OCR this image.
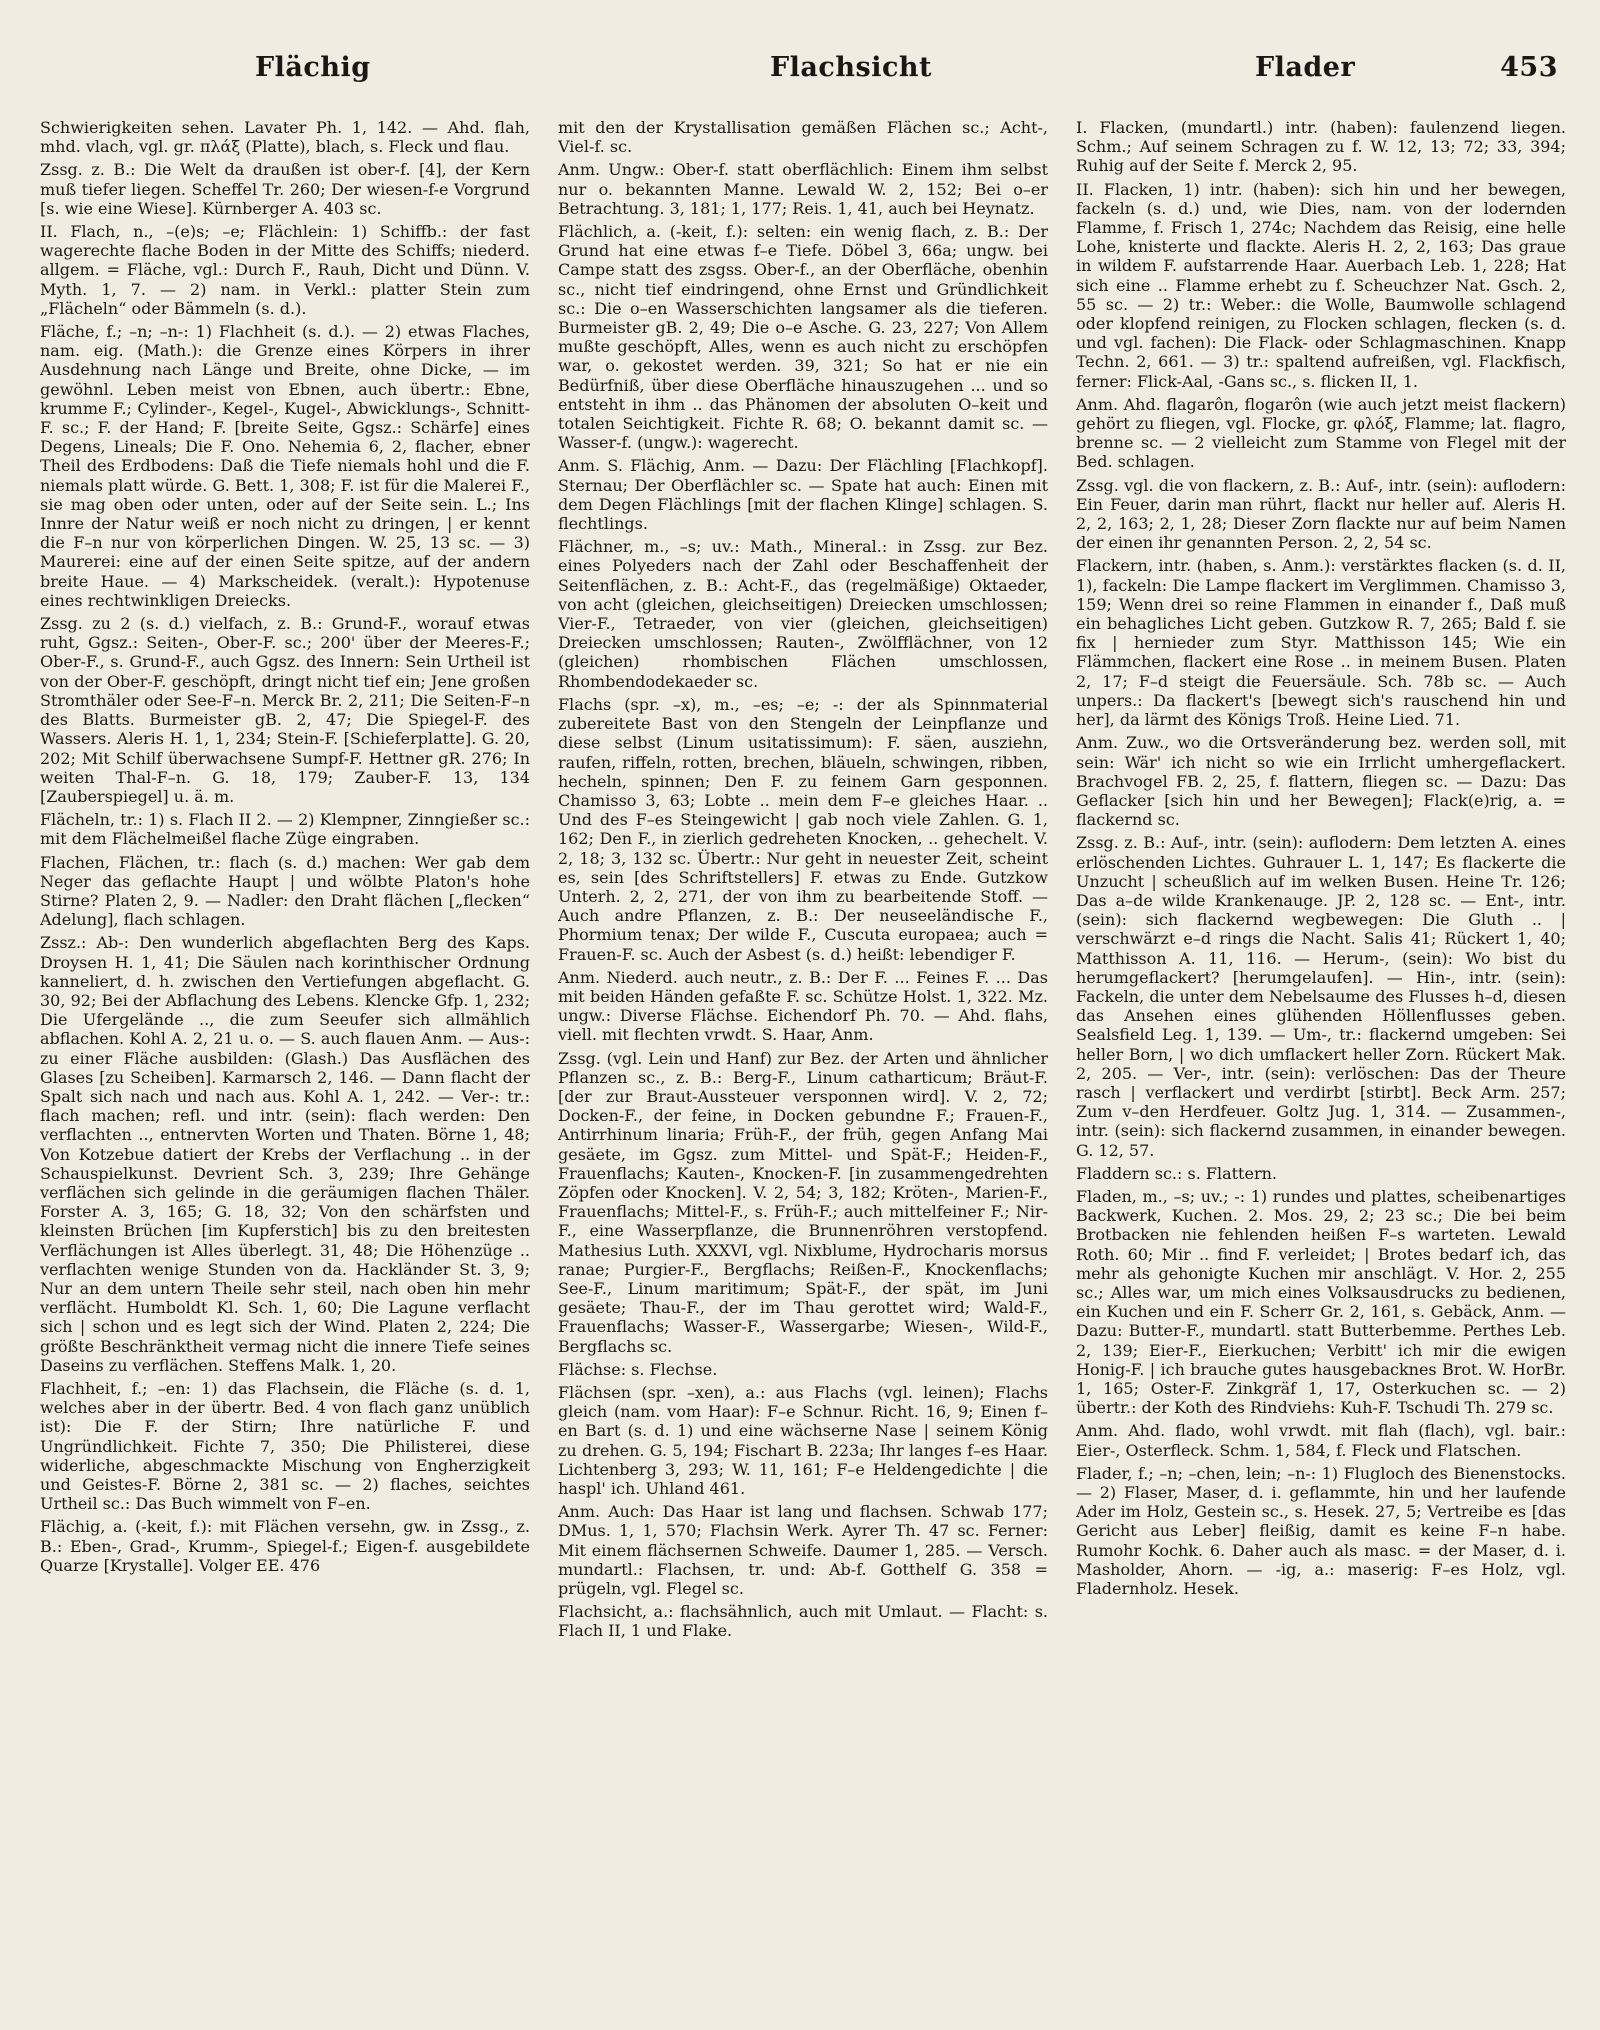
Flächig	Flachsicht	Flader	453

Schwierigkeiten sehen. Lavater Ph. 1, 142. — Ahd. flah, mhd. vlach, vgl. gr. πλάξ (Platte), blach, s. Fleck und flau.

Zssg. z. B.: Die Welt da draußen ist ober-f. [4], der Kern muß tiefer liegen. Scheffel Tr. 260; Der wiesen-f-e Vorgrund [s. wie eine Wiese]. Kürnberger A. 403 sc.

II. Flach, n., –(e)s; –e; Flächlein: 1) Schiffb.: der fast wagerechte flache Boden in der Mitte des Schiffs; niederd. allgem. = Fläche, vgl.: Durch F., Rauh, Dicht und Dünn. V. Myth. 1, 7. — 2) nam. in Verkl.: platter Stein zum „Flächeln“ oder Bämmeln (s. d.).

Fläche, f.; –n; –n-: 1) Flachheit (s. d.). — 2) etwas Flaches, nam. eig. (Math.): die Grenze eines Körpers in ihrer Ausdehnung nach Länge und Breite, ohne Dicke, — im gewöhnl. Leben meist von Ebnen, auch übertr.: Ebne, krumme F.; Cylinder-, Kegel-, Kugel-, Abwicklungs-, Schnitt-F. sc.; F. der Hand; F. [breite Seite, Ggsz.: Schärfe] eines Degens, Lineals; Die F. Ono. Nehemia 6, 2, flacher, ebner Theil des Erdbodens: Daß die Tiefe niemals hohl und die F. niemals platt würde. G. Bett. 1, 308; F. ist für die Malerei F., sie mag oben oder unten, oder auf der Seite sein. L.; Ins Innre der Natur weiß er noch nicht zu dringen, | er kennt die F–n nur von körperlichen Dingen. W. 25, 13 sc. — 3) Maurerei: eine auf der einen Seite spitze, auf der andern breite Haue. — 4) Markscheidek. (veralt.): Hypotenuse eines rechtwinkligen Dreiecks.

Zssg. zu 2 (s. d.) vielfach, z. B.: Grund-F., worauf etwas ruht, Ggsz.: Seiten-, Ober-F. sc.; 200' über der Meeres-F.; Ober-F., s. Grund-F., auch Ggsz. des Innern: Sein Urtheil ist von der Ober-F. geschöpft, dringt nicht tief ein; Jene großen Stromthäler oder See-F–n. Merck Br. 2, 211; Die Seiten-F–n des Blatts. Burmeister gB. 2, 47; Die Spiegel-F. des Wassers. Aleris H. 1, 1, 234; Stein-F. [Schieferplatte]. G. 20, 202; Mit Schilf überwachsene Sumpf-F. Hettner gR. 276; In weiten Thal-F–n. G. 18, 179; Zauber-F. 13, 134 [Zauberspiegel] u. ä. m.

Flächeln, tr.: 1) s. Flach II 2. — 2) Klempner, Zinngießer sc.: mit dem Flächelmeißel flache Züge eingraben.

Flachen, Flächen, tr.: flach (s. d.) machen: Wer gab dem Neger das geflachte Haupt | und wölbte Platon's hohe Stirne? Platen 2, 9. — Nadler: den Draht flächen [„flecken“ Adelung], flach schlagen.

Zssz.: Ab-: Den wunderlich abgeflachten Berg des Kaps. Droysen H. 1, 41; Die Säulen nach korinthischer Ordnung kanneliert, d. h. zwischen den Vertiefungen abgeflacht. G. 30, 92; Bei der Abflachung des Lebens. Klencke Gfp. 1, 232; Die Ufergelände .., die zum Seeufer sich allmählich abflachen. Kohl A. 2, 21 u. o. — S. auch flauen Anm. — Aus-: zu einer Fläche ausbilden: (Glash.) Das Ausflächen des Glases [zu Scheiben]. Karmarsch 2, 146. — Dann flacht der Spalt sich nach und nach aus. Kohl A. 1, 242. — Ver-: tr.: flach machen; refl. und intr. (sein): flach werden: Den verflachten .., entnervten Worten und Thaten. Börne 1, 48; Von Kotzebue datiert der Krebs der Verflachung .. in der Schauspielkunst. Devrient Sch. 3, 239; Ihre Gehänge verflächen sich gelinde in die geräumigen flachen Thäler. Forster A. 3, 165; G. 18, 32; Von den schärfsten und kleinsten Brüchen [im Kupferstich] bis zu den breitesten Verflächungen ist Alles überlegt. 31, 48; Die Höhenzüge .. verflachten wenige Stunden von da. Hackländer St. 3, 9; Nur an dem untern Theile sehr steil, nach oben hin mehr verflächt. Humboldt Kl. Sch. 1, 60; Die Lagune verflacht sich | schon und es legt sich der Wind. Platen 2, 224; Die größte Beschränktheit vermag nicht die innere Tiefe seines Daseins zu verflächen. Steffens Malk. 1, 20.

Flachheit, f.; –en: 1) das Flachsein, die Fläche (s. d. 1, welches aber in der übertr. Bed. 4 von flach ganz unüblich ist): Die F. der Stirn; Ihre natürliche F. und Ungründlichkeit. Fichte 7, 350; Die Philisterei, diese widerliche, abgeschmackte Mischung von Engherzigkeit und Geistes-F. Börne 2, 381 sc. — 2) flaches, seichtes Urtheil sc.: Das Buch wimmelt von F–en.

Flächig, a. (-keit, f.): mit Flächen versehn, gw. in Zssg., z. B.: Eben-, Grad-, Krumm-, Spiegel-f.; Eigen-f. ausgebildete Quarze [Krystalle]. Volger EE. 476

mit den der Krystallisation gemäßen Flächen sc.; Acht-, Viel-f. sc.

Anm. Ungw.: Ober-f. statt oberflächlich: Einem ihm selbst nur o. bekannten Manne. Lewald W. 2, 152; Bei o–er Betrachtung. 3, 181; 1, 177; Reis. 1, 41, auch bei Heynatz.

Flächlich, a. (-keit, f.): selten: ein wenig flach, z. B.: Der Grund hat eine etwas f–e Tiefe. Döbel 3, 66a; ungw. bei Campe statt des zsgss. Ober-f., an der Oberfläche, obenhin sc., nicht tief eindringend, ohne Ernst und Gründlichkeit sc.: Die o–en Wasserschichten langsamer als die tieferen. Burmeister gB. 2, 49; Die o–e Asche. G. 23, 227; Von Allem mußte geschöpft, Alles, wenn es auch nicht zu erschöpfen war, o. gekostet werden. 39, 321; So hat er nie ein Bedürfniß, über diese Oberfläche hinauszugehen ... und so entsteht in ihm .. das Phänomen der absoluten O–keit und totalen Seichtigkeit. Fichte R. 68; O. bekannt damit sc. — Wasser-f. (ungw.): wagerecht.

Anm. S. Flächig, Anm. — Dazu: Der Flächling [Flachkopf]. Sternau; Der Oberflächler sc. — Spate hat auch: Einen mit dem Degen Flächlings [mit der flachen Klinge] schlagen. S. flechtlings.

Flächner, m., –s; uv.: Math., Mineral.: in Zssg. zur Bez. eines Polyeders nach der Zahl oder Beschaffenheit der Seitenflächen, z. B.: Acht-F., das (regelmäßige) Oktaeder, von acht (gleichen, gleichseitigen) Dreiecken umschlossen; Vier-F., Tetraeder, von vier (gleichen, gleichseitigen) Dreiecken umschlossen; Rauten-, Zwölfflächner, von 12 (gleichen) rhombischen Flächen umschlossen, Rhombendodekaeder sc.

Flachs (spr. –x), m., –es; –e; -: der als Spinnmaterial zubereitete Bast von den Stengeln der Leinpflanze und diese selbst (Linum usitatissimum): F. säen, ausziehn, raufen, riffeln, rotten, brechen, bläueln, schwingen, ribben, hecheln, spinnen; Den F. zu feinem Garn gesponnen. Chamisso 3, 63; Lobte .. mein dem F–e gleiches Haar. .. Und des F–es Steingewicht | gab noch viele Zahlen. G. 1, 162; Den F., in zierlich gedreheten Knocken, .. gehechelt. V. 2, 18; 3, 132 sc. Übertr.: Nur geht in neuester Zeit, scheint es, sein [des Schriftstellers] F. etwas zu Ende. Gutzkow Unterh. 2, 2, 271, der von ihm zu bearbeitende Stoff. — Auch andre Pflanzen, z. B.: Der neuseeländische F., Phormium tenax; Der wilde F., Cuscuta europaea; auch = Frauen-F. sc. Auch der Asbest (s. d.) heißt: lebendiger F.

Anm. Niederd. auch neutr., z. B.: Der F. ... Feines F. ... Das mit beiden Händen gefaßte F. sc. Schütze Holst. 1, 322. Mz. ungw.: Diverse Flächse. Eichendorf Ph. 70. — Ahd. flahs, viell. mit flechten vrwdt. S. Haar, Anm.

Zssg. (vgl. Lein und Hanf) zur Bez. der Arten und ähnlicher Pflanzen sc., z. B.: Berg-F., Linum catharticum; Bräut-F. [der zur Braut-Aussteuer versponnen wird]. V. 2, 72; Docken-F., der feine, in Docken gebundne F.; Frauen-F., Antirrhinum linaria; Früh-F., der früh, gegen Anfang Mai gesäete, im Ggsz. zum Mittel- und Spät-F.; Heiden-F., Frauenflachs; Kauten-, Knocken-F. [in zusammengedrehten Zöpfen oder Knocken]. V. 2, 54; 3, 182; Kröten-, Marien-F., Frauenflachs; Mittel-F., s. Früh-F.; auch mittelfeiner F.; Nir-F., eine Wasserpflanze, die Brunnenröhren verstopfend. Mathesius Luth. XXXVI, vgl. Nixblume, Hydrocharis morsus ranae; Purgier-F., Bergflachs; Reißen-F., Knockenflachs; See-F., Linum maritimum; Spät-F., der spät, im Juni gesäete; Thau-F., der im Thau gerottet wird; Wald-F., Frauenflachs; Wasser-F., Wassergarbe; Wiesen-, Wild-F., Bergflachs sc.

Flächse: s. Flechse.

Flächsen (spr. –xen), a.: aus Flachs (vgl. leinen); Flachs gleich (nam. vom Haar): F–e Schnur. Richt. 16, 9; Einen f–en Bart (s. d. 1) und eine wächserne Nase | seinem König zu drehen. G. 5, 194; Fischart B. 223a; Ihr langes f–es Haar. Lichtenberg 3, 293; W. 11, 161; F–e Heldengedichte | die haspl' ich. Uhland 461.

Anm. Auch: Das Haar ist lang und flachsen. Schwab 177; DMus. 1, 1, 570; Flachsin Werk. Ayrer Th. 47 sc. Ferner: Mit einem flächsernen Schweife. Daumer 1, 285. — Versch. mundartl.: Flachsen, tr. und: Ab-f. Gotthelf G. 358 = prügeln, vgl. Flegel sc.

Flachsicht, a.: flachsähnlich, auch mit Umlaut. — Flacht: s. Flach II, 1 und Flake.

I. Flacken, (mundartl.) intr. (haben): faulenzend liegen. Schm.; Auf seinem Schragen zu f. W. 12, 13; 72; 33, 394; Ruhig auf der Seite f. Merck 2, 95.

II. Flacken, 1) intr. (haben): sich hin und her bewegen, fackeln (s. d.) und, wie Dies, nam. von der lodernden Flamme, f. Frisch 1, 274c; Nachdem das Reisig, eine helle Lohe, knisterte und flackte. Aleris H. 2, 2, 163; Das graue in wildem F. aufstarrende Haar. Auerbach Leb. 1, 228; Hat sich eine .. Flamme erhebt zu f. Scheuchzer Nat. Gsch. 2, 55 sc. — 2) tr.: Weber.: die Wolle, Baumwolle schlagend oder klopfend reinigen, zu Flocken schlagen, flecken (s. d. und vgl. fachen): Die Flack- oder Schlagmaschinen. Knapp Techn. 2, 661. — 3) tr.: spaltend aufreißen, vgl. Flackfisch, ferner: Flick-Aal, -Gans sc., s. flicken II, 1.

Anm. Ahd. flagarôn, flogarôn (wie auch jetzt meist flackern) gehört zu fliegen, vgl. Flocke, gr. φλόξ, Flamme; lat. flagro, brenne sc. — 2 vielleicht zum Stamme von Flegel mit der Bed. schlagen.

Zssg. vgl. die von flackern, z. B.: Auf-, intr. (sein): auflodern: Ein Feuer, darin man rührt, flackt nur heller auf. Aleris H. 2, 2, 163; 2, 1, 28; Dieser Zorn flackte nur auf beim Namen der einen ihr genannten Person. 2, 2, 54 sc.

Flackern, intr. (haben, s. Anm.): verstärktes flacken (s. d. II, 1), fackeln: Die Lampe flackert im Verglimmen. Chamisso 3, 159; Wenn drei so reine Flammen in einander f., Daß muß ein behagliches Licht geben. Gutzkow R. 7, 265; Bald f. sie fix | hernieder zum Styr. Matthisson 145; Wie ein Flämmchen, flackert eine Rose .. in meinem Busen. Platen 2, 17; F–d steigt die Feuersäule. Sch. 78b sc. — Auch unpers.: Da flackert's [bewegt sich's rauschend hin und her], da lärmt des Königs Troß. Heine Lied. 71.

Anm. Zuw., wo die Ortsveränderung bez. werden soll, mit sein: Wär' ich nicht so wie ein Irrlicht umhergeflackert. Brachvogel FB. 2, 25, f. flattern, fliegen sc. — Dazu: Das Geflacker [sich hin und her Bewegen]; Flack(e)rig, a. = flackernd sc.

Zssg. z. B.: Auf-, intr. (sein): auflodern: Dem letzten A. eines erlöschenden Lichtes. Guhrauer L. 1, 147; Es flackerte die Unzucht | scheußlich auf im welken Busen. Heine Tr. 126; Das a–de wilde Krankenauge. JP. 2, 128 sc. — Ent-, intr. (sein): sich flackernd wegbewegen: Die Gluth .. | verschwärzt e–d rings die Nacht. Salis 41; Rückert 1, 40; Matthisson A. 11, 116. — Herum-, (sein): Wo bist du herumgeflackert? [herumgelaufen]. — Hin-, intr. (sein): Fackeln, die unter dem Nebelsaume des Flusses h–d, diesen das Ansehen eines glühenden Höllenflusses geben. Sealsfield Leg. 1, 139. — Um-, tr.: flackernd umgeben: Sei heller Born, | wo dich umflackert heller Zorn. Rückert Mak. 2, 205. — Ver-, intr. (sein): verlöschen: Das der Theure rasch | verflackert und verdirbt [stirbt]. Beck Arm. 257; Zum v–den Herdfeuer. Goltz Jug. 1, 314. — Zusammen-, intr. (sein): sich flackernd zusammen, in einander bewegen. G. 12, 57.

Fladdern sc.: s. Flattern.

Fladen, m., –s; uv.; -: 1) rundes und plattes, scheibenartiges Backwerk, Kuchen. 2. Mos. 29, 2; 23 sc.; Die bei beim Brotbacken nie fehlenden heißen F–s warteten. Lewald Roth. 60; Mir .. find F. verleidet; | Brotes bedarf ich, das mehr als gehonigte Kuchen mir anschlägt. V. Hor. 2, 255 sc.; Alles war, um mich eines Volksausdrucks zu bedienen, ein Kuchen und ein F. Scherr Gr. 2, 161, s. Gebäck, Anm. — Dazu: Butter-F., mundartl. statt Butterbemme. Perthes Leb. 2, 139; Eier-F., Eierkuchen; Verbitt' ich mir die ewigen Honig-F. | ich brauche gutes hausgebacknes Brot. W. HorBr. 1, 165; Oster-F. Zinkgräf 1, 17, Osterkuchen sc. — 2) übertr.: der Koth des Rindviehs: Kuh-F. Tschudi Th. 279 sc.

Anm. Ahd. flado, wohl vrwdt. mit flah (flach), vgl. bair.: Eier-, Osterfleck. Schm. 1, 584, f. Fleck und Flatschen.

Flader, f.; –n; –chen, lein; –n-: 1) Flugloch des Bienenstocks. — 2) Flaser, Maser, d. i. geflammte, hin und her laufende Ader im Holz, Gestein sc., s. Hesek. 27, 5; Vertreibe es [das Gericht aus Leber] fleißig, damit es keine F–n habe. Rumohr Kochk. 6. Daher auch als masc. = der Maser, d. i. Masholder, Ahorn. — -ig, a.: maserig: F–es Holz, vgl. Fladernholz. Hesek.
